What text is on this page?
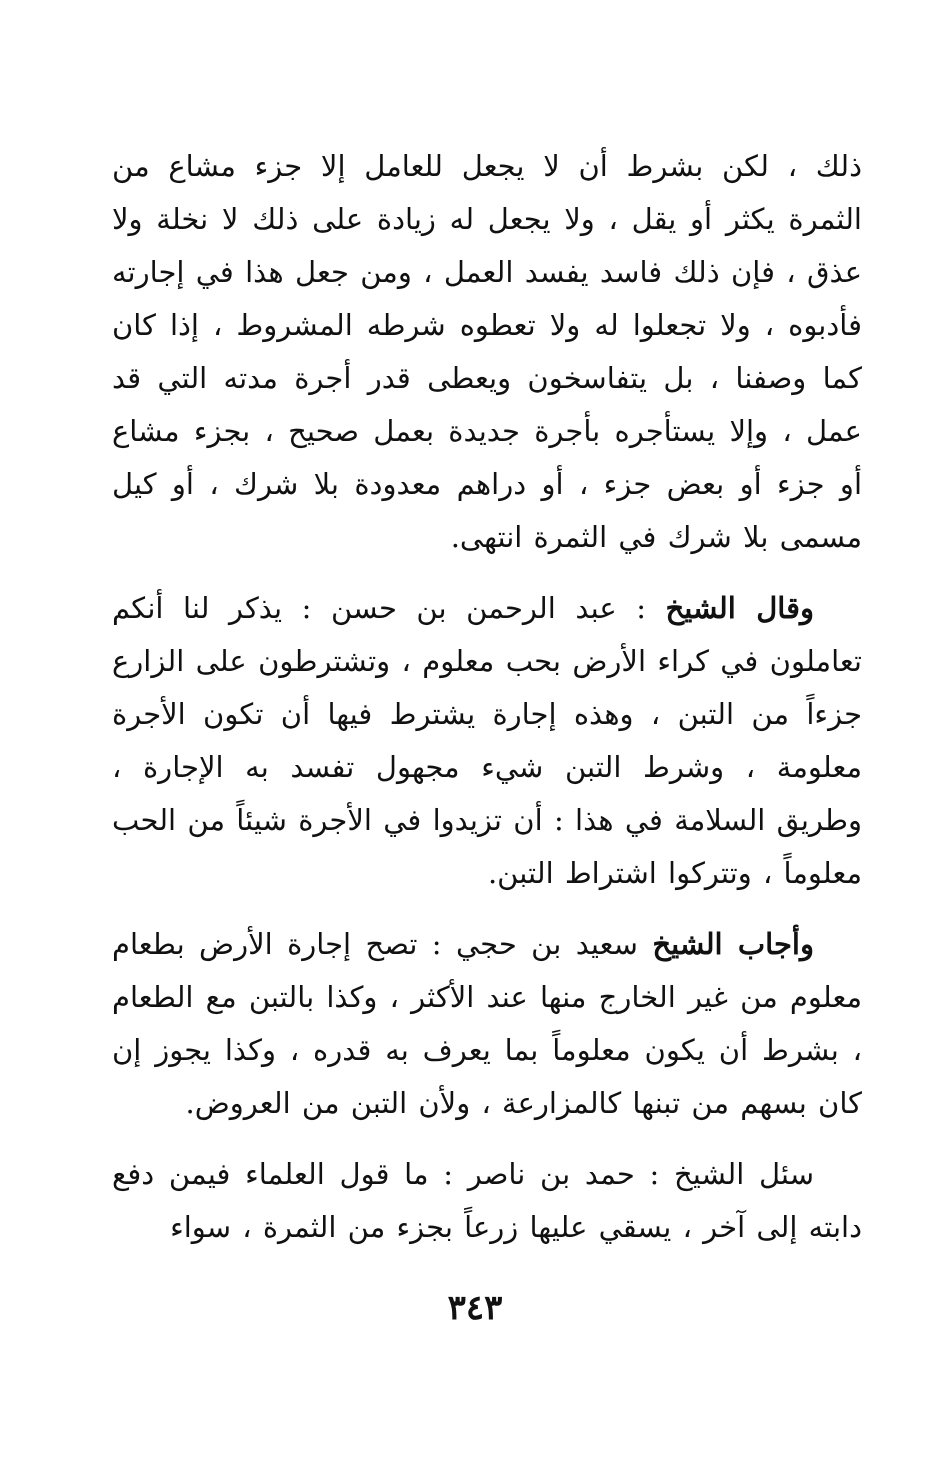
ذلك ، لكن بشرط أن لا يجعل للعامل إلا جزء مشاع من الثمرة يكثر أو يقل ، ولا يجعل له زيادة على ذلك لا نخلة ولا عذق ، فإن ذلك فاسد يفسد العمل ، ومن جعل هذا في إجارته فأدبوه ، ولا تجعلوا له ولا تعطوه شرطه المشروط ، إذا كان كما وصفنا ، بل يتفاسخون ويعطى قدر أجرة مدته التي قد عمل ، وإلا يستأجره بأجرة جديدة بعمل صحيح ، بجزء مشاع أو جزء أو بعض جزء ، أو دراهم معدودة بلا شرك ، أو كيل مسمى بلا شرك في الثمرة انتهى.

وقال الشيخ : عبد الرحمن بن حسن : يذكر لنا أنكم تعاملون في كراء الأرض بحب معلوم ، وتشترطون على الزارع جزءاً من التبن ، وهذه إجارة يشترط فيها أن تكون الأجرة معلومة ، وشرط التبن شيء مجهول تفسد به الإجارة ، وطريق السلامة في هذا : أن تزيدوا في الأجرة شيئاً من الحب معلوماً ، وتتركوا اشتراط التبن.

وأجاب الشيخ سعيد بن حجي : تصح إجارة الأرض بطعام معلوم من غير الخارج منها عند الأكثر ، وكذا بالتبن مع الطعام ، بشرط أن يكون معلوماً بما يعرف به قدره ، وكذا يجوز إن كان بسهم من تبنها كالمزارعة ، ولأن التبن من العروض.

سئل الشيخ : حمد بن ناصر : ما قول العلماء فيمن دفع دابته إلى آخر ، يسقي عليها زرعاً بجزء من الثمرة ، سواء

٣٤٣
